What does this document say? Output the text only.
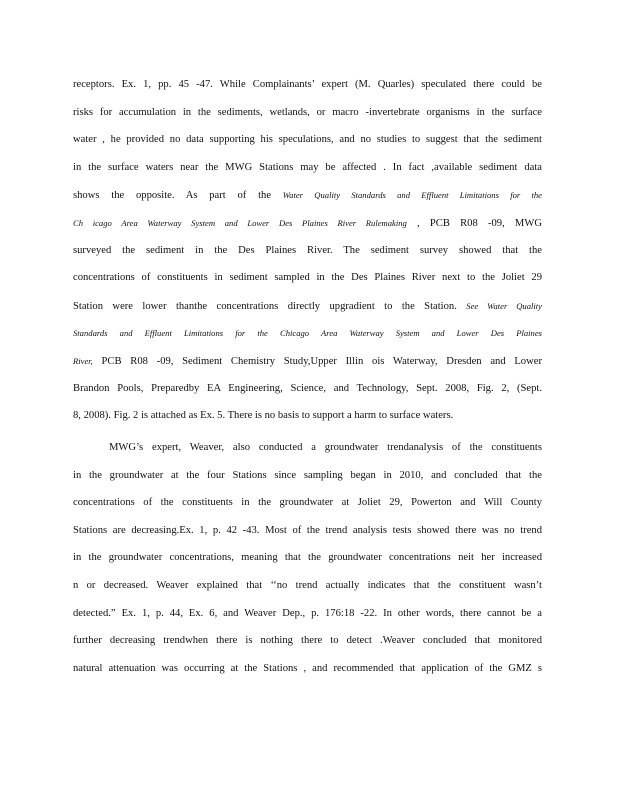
receptors. Ex. 1, pp. 45 -47. While Complainants’ expert (M. Quarles) speculated there could be
risks for accumulation in the sediments, wetlands, or macro -invertebrate organisms in the surface
water , he provided no data supporting his speculations, and no studies to suggest that the sediment
in the surface waters near the MWG Stations may be affected . In fact ,available sediment data
shows the opposite. As part of the Water Quality Standards and Effluent Limitations for the
Ch icago Area Waterway System and Lower Des Plaines River Rulemaking , PCB R08 -09, MWG
surveyed the sediment in the Des Plaines River. The sediment survey showed that the
concentrations of constituents in sediment sampled in the Des Plaines River next to the Joliet 29
Station were lower thanthe concentrations directly upgradient to the Station. See Water Quality
Standards and Effluent Limitations for the Chicago Area Waterway System and Lower Des Plaines
River, PCB R08 -09, Sediment Chemistry Study,Upper Illin ois Waterway, Dresden and Lower
Brandon Pools, Preparedby EA Engineering, Science, and Technology, Sept. 2008, Fig. 2, (Sept.
8, 2008). Fig. 2 is attached as Ex. 5. There is no basis to support a harm to surface waters.
MWG’s expert, Weaver, also conducted a groundwater trendanalysis of the constituents
in the groundwater at the four Stations since sampling began in 2010, and concluded that the
concentrations of the constituents in the groundwater at Joliet 29, Powerton and Will County
Stations are decreasing.Ex. 1, p. 42 -43. Most of the trend analysis tests showed there was no trend
in the groundwater concentrations, meaning that the groundwater concentrations neit her increased
n or decreased. Weaver explained that ‘‘no trend actually indicates that the constituent wasn’t
detected.” Ex. 1, p. 44, Ex. 6, and Weaver Dep., p. 176:18 -22. In other words, there cannot be a
further decreasing trendwhen there is nothing there to detect .Weaver concluded that monitored
natural attenuation was occurring at the Stations , and recommended that application of the GMZ s
